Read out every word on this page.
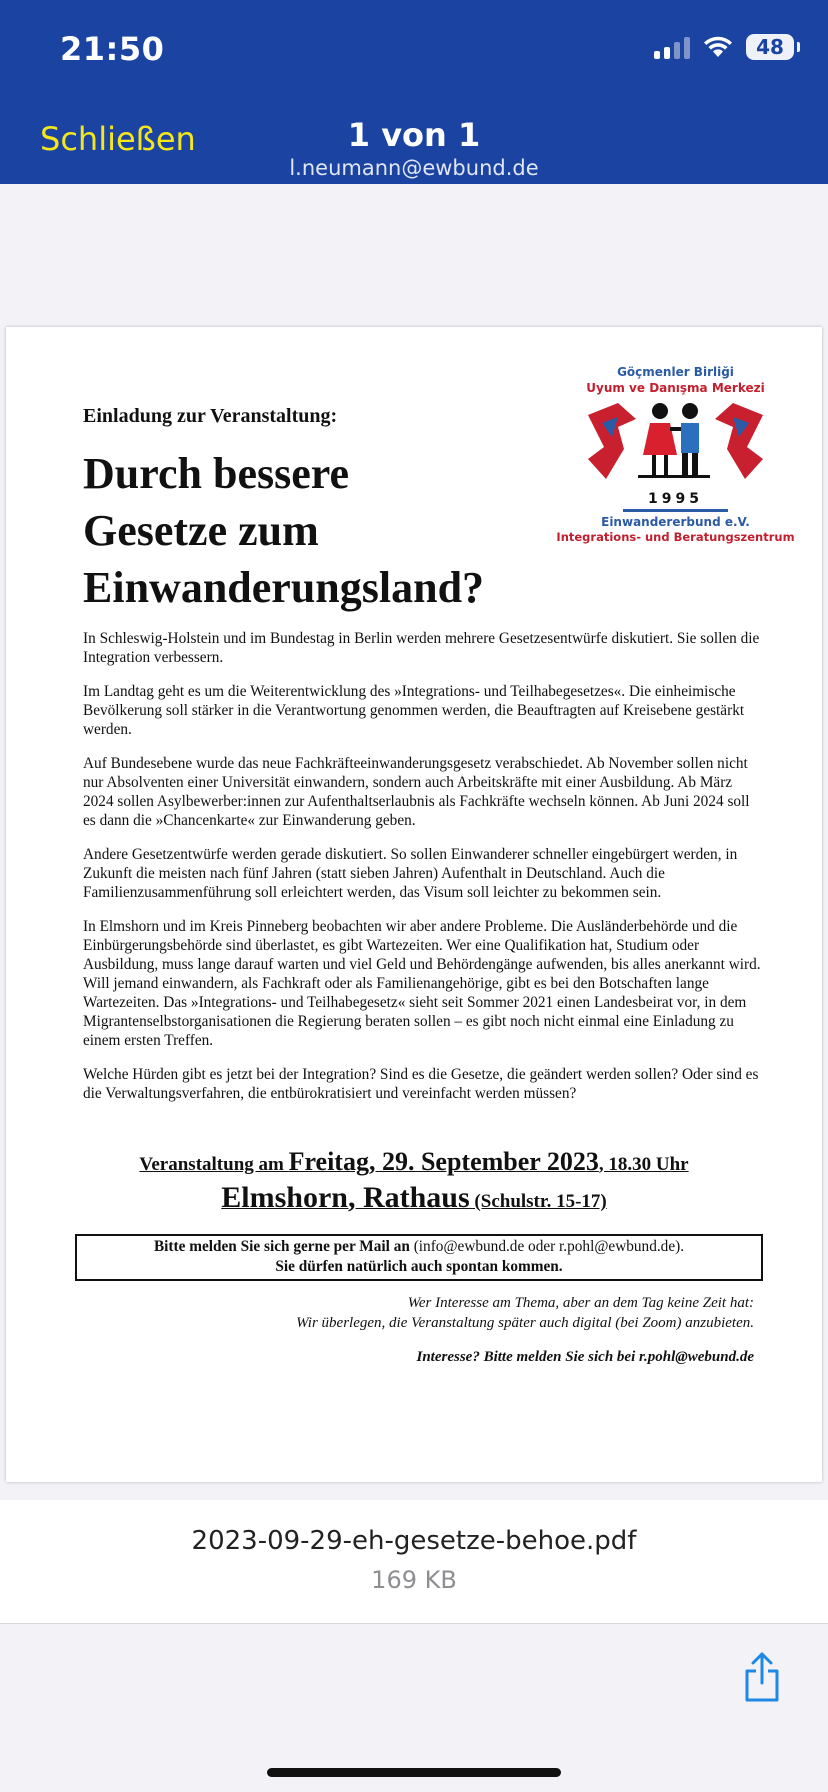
21:50	48
Schließen	1 von 1
l.neumann@ewbund.de
Göçmenler Birliği
Uyum ve Danışma Merkezi
1995
Einwandererbund e.V.
Integrations- und Beratungszentrum
Einladung zur Veranstaltung:
Durch bessere
Gesetze zum
Einwanderungsland?

In Schleswig-Holstein und im Bundestag in Berlin werden mehrere Gesetzesentwürfe diskutiert. Sie sollen die Integration verbessern.

Im Landtag geht es um die Weiterentwicklung des »Integrations- und Teilhabegesetzes«. Die einheimische Bevölkerung soll stärker in die Verantwortung genommen werden, die Beauftragten auf Kreisebene gestärkt werden.

Auf Bundesebene wurde das neue Fachkräfteeinwanderungsgesetz verabschiedet. Ab November sollen nicht nur Absolventen einer Universität einwandern, sondern auch Arbeitskräfte mit einer Ausbildung. Ab März 2024 sollen Asylbewerber:innen zur Aufenthaltserlaubnis als Fachkräfte wechseln können. Ab Juni 2024 soll es dann die »Chancenkarte« zur Einwanderung geben.

Andere Gesetzentwürfe werden gerade diskutiert. So sollen Einwanderer schneller eingebürgert werden, in Zukunft die meisten nach fünf Jahren (statt sieben Jahren) Aufenthalt in Deutschland. Auch die Familienzusammenführung soll erleichtert werden, das Visum soll leichter zu bekommen sein.

In Elmshorn und im Kreis Pinneberg beobachten wir aber andere Probleme. Die Ausländerbehörde und die Einbürgerungsbehörde sind überlastet, es gibt Wartezeiten. Wer eine Qualifikation hat, Studium oder Ausbildung, muss lange darauf warten und viel Geld und Behördengänge aufwenden, bis alles anerkannt wird. Will jemand einwandern, als Fachkraft oder als Familienangehörige, gibt es bei den Botschaften lange Wartezeiten. Das »Integrations- und Teilhabegesetz« sieht seit Sommer 2021 einen Landesbeirat vor, in dem Migrantenselbstorganisationen die Regierung beraten sollen – es gibt noch nicht einmal eine Einladung zu einem ersten Treffen.

Welche Hürden gibt es jetzt bei der Integration? Sind es die Gesetze, die geändert werden sollen? Oder sind es die Verwaltungsverfahren, die entbürokratisiert und vereinfacht werden müssen?

Veranstaltung am Freitag, 29. September 2023, 18.30 Uhr
Elmshorn, Rathaus (Schulstr. 15-17)
Bitte melden Sie sich gerne per Mail an (info@ewbund.de oder r.pohl@ewbund.de).
Sie dürfen natürlich auch spontan kommen.
Wer Interesse am Thema, aber an dem Tag keine Zeit hat:
Wir überlegen, die Veranstaltung später auch digital (bei Zoom) anzubieten.
Interesse? Bitte melden Sie sich bei r.pohl@webund.de
2023-09-29-eh-gesetze-behoe.pdf
169 KB
